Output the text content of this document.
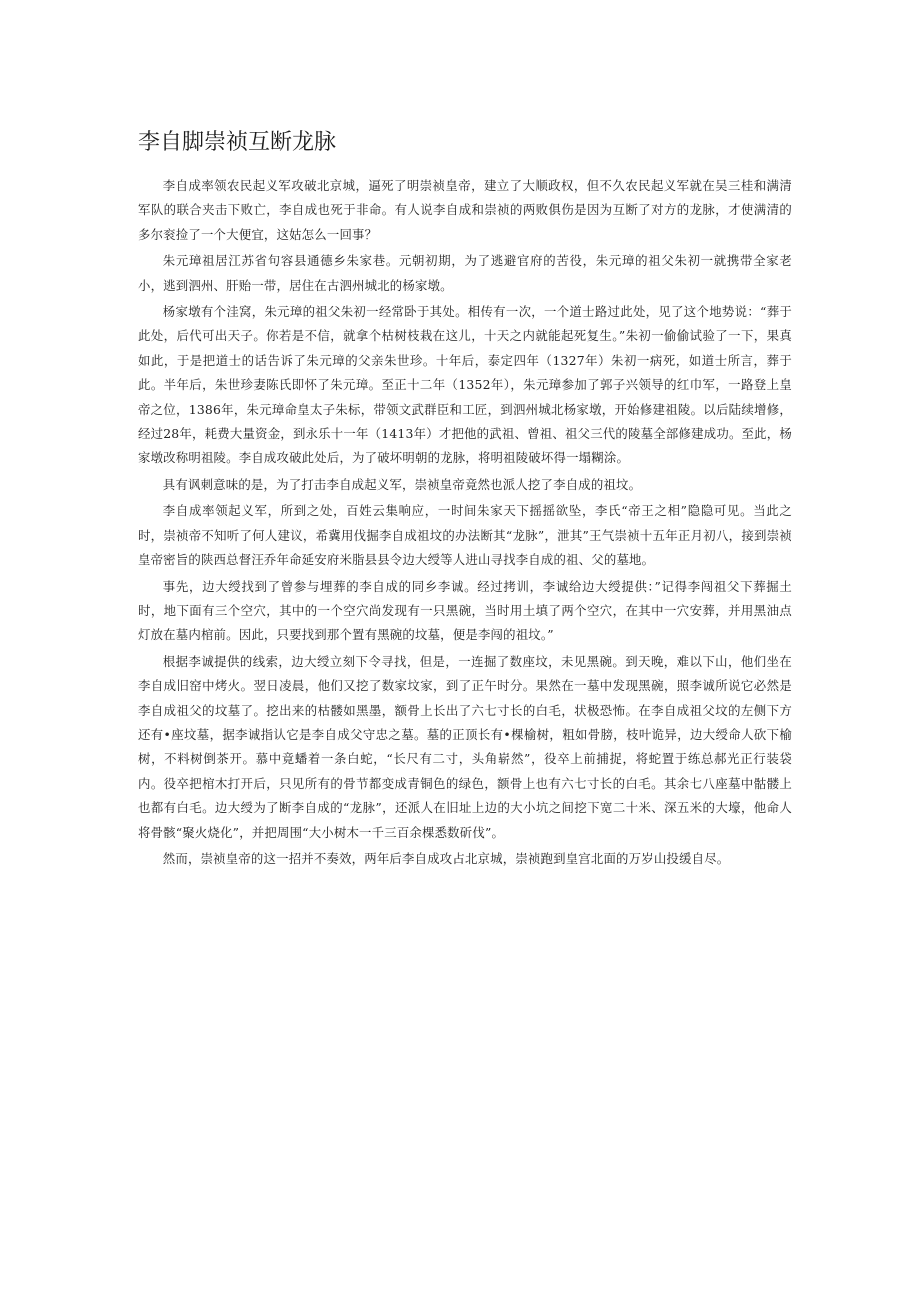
李自脚崇祯互断龙脉

李自成率领农民起义军攻破北京城，逼死了明崇祯皇帝，建立了大顺政权，但不久农民起义军就在吴三桂和满清军队的联合夹击下败亡，李自成也死于非命。有人说李自成和崇祯的两败俱伤是因为互断了对方的龙脉，才使满清的多尔衮捡了一个大便宜，这姑怎么一回事？

朱元璋祖居江苏省句容县通德乡朱家巷。元朝初期，为了逃避官府的苦役，朱元璋的祖父朱初一就携带全家老小，逃到泗州、肝贻一带，居住在古泗州城北的杨家墩。

杨家墩有个洼窝，朱元璋的祖父朱初一经常卧于其处。相传有一次，一个道士路过此处，见了这个地势说：“葬于此处，后代可出天子。你若是不信，就拿个枯树枝栽在这儿，十天之内就能起死复生。”朱初一偷偷试验了一下，果真如此，于是把道士的话告诉了朱元璋的父亲朱世珍。十年后，泰定四年（1327年）朱初一病死，如道士所言，葬于此。半年后，朱世珍妻陈氏即怀了朱元璋。至正十二年（1352年），朱元璋参加了郭子兴领导的红巾军，一路登上皇帝之位，1386年，朱元璋命皇太子朱标，带领文武群臣和工匠，到泗州城北杨家墩，开始修建祖陵。以后陆续增修，经过28年，耗费大量资金，到永乐十一年（1413年）才把他的武祖、曾祖、祖父三代的陵墓全部修建成功。至此，杨家墩改称明祖陵。李自成攻破此处后，为了破坏明朝的龙脉，将明祖陵破坏得一塌糊涂。

具有讽刺意味的是，为了打击李自成起义军，崇祯皇帝竟然也派人挖了李自成的祖坟。

李自成率领起义军，所到之处，百姓云集响应，一时间朱家天下摇摇欲坠，李氏“帝王之相”隐隐可见。当此之时，崇祯帝不知听了何人建议，希冀用伐掘李自成祖坟的办法断其“龙脉”，泄其”王气崇祯十五年正月初八，接到崇祯皇帝密旨的陕西总督汪乔年命延安府米脂县县令边大绶等人进山寻找李自成的祖、父的墓地。

事先，边大绶找到了曾参与埋葬的李自成的同乡李诚。经过拷训，李诚给边大绶提供：”记得李闯祖父下葬掘土时，地下面有三个空穴，其中的一个空穴尚发现有一只黑碗，当时用土填了两个空穴，在其中一穴安葬，并用黑油点灯放在墓内棺前。因此，只要找到那个置有黑碗的坟墓，便是李闯的祖坟。”

根据李诚提供的线索，边大绶立刻下令寻找，但是，一连掘了数座坟，未见黑碗。到天晚，难以下山，他们坐在李自成旧窑中烤火。翌日凌晨，他们又挖了数家坟家，到了正午时分。果然在一墓中发现黑碗，照李诚所说它必然是李自成祖父的坟墓了。挖出来的枯髅如黑墨，额骨上长出了六七寸长的白毛，状极恐怖。在李自成祖父坟的左侧下方还有•座坟墓，据李诚指认它是李自成父守忠之墓。墓的正顶长有•棵榆树，粗如骨膀，枝叶诡异，边大绶命人砍下榆树，不料树倒茶开。慕中竟蟠着一条白蛇，“长尺有二寸，头角崭然”，役卒上前捕捉，将蛇置于练总郝光正行装袋内。役卒把棺木打开后，只见所有的骨节都变成青铜色的绿色，额骨上也有六七寸长的白毛。其余七八座墓中骷髅上也都有白毛。边大绶为了断李自成的“龙脉”，还派人在旧址上边的大小坑之间挖下宽二十米、深五米的大壕，他命人将骨骸“聚火烧化”，并把周围“大小树木一千三百余棵悉数斫伐”。

然而，崇祯皇帝的这一招并不奏效，两年后李自成攻占北京城，崇祯跑到皇宫北面的万岁山投缓自尽。
